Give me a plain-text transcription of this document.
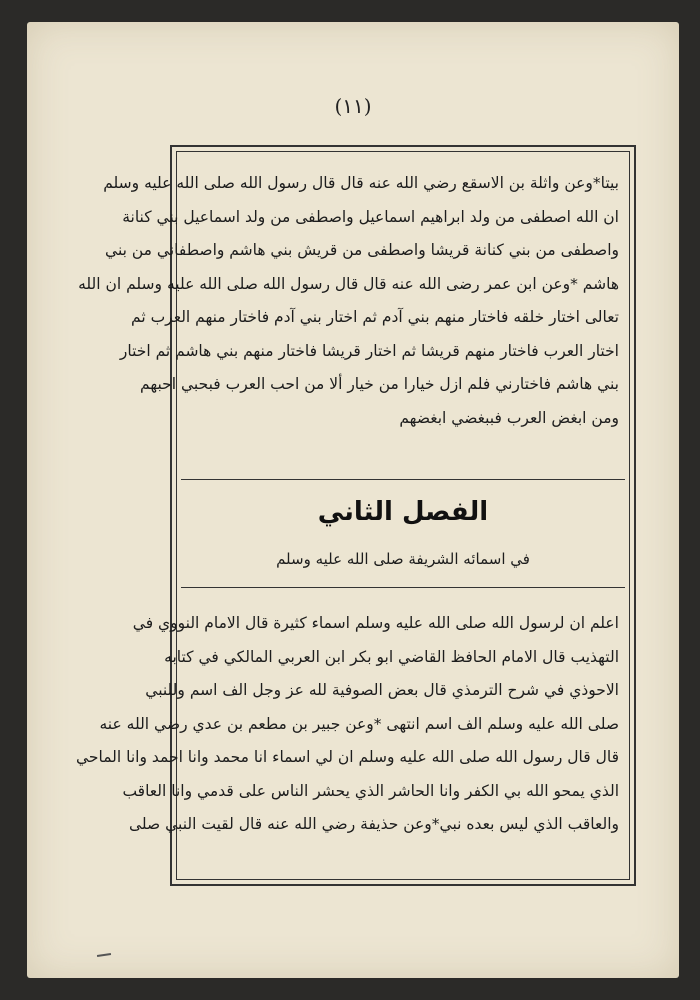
(١١)
بيتا*وعن واثلة بن الاسقع رضي الله عنه قال قال رسول الله صلى الله عليه وسلم
ان الله اصطفى من ولد ابراهيم اسماعيل واصطفى من ولد اسماعيل بني كنانة
واصطفى من بني كنانة قريشا واصطفى من قريش بني هاشم واصطفاني من بني
هاشم *وعن ابن عمر رضى الله عنه قال قال رسول الله صلى الله عليه وسلم ان الله
تعالى اختار خلقه فاختار منهم بني آدم ثم اختار بني آدم فاختار منهم العرب ثم
اختار العرب فاختار منهم قريشا ثم اختار قريشا فاختار منهم بني هاشم ثم اختار
بني هاشم فاختارني فلم ازل خيارا من خيار ألا من احب العرب فبحبي احبهم
ومن ابغض العرب فببغضي ابغضهم
الفصل الثاني
في اسمائه الشريفة صلى الله عليه وسلم
اعلم ان لرسول الله صلى الله عليه وسلم اسماء كثيرة قال الامام النووي في
التهذيب قال الامام الحافظ القاضي ابو بكر ابن العربي المالكي في كتابه
الاحوذي في شرح الترمذي قال بعض الصوفية لله عز وجل الف اسم وللنبي
صلى الله عليه وسلم الف اسم انتهى *وعن جبير بن مطعم بن عدي رضي الله عنه
قال قال رسول الله صلى الله عليه وسلم ان لي اسماء انا محمد وانا احمد وانا الماحي
الذي يمحو الله بي الكفر وانا الحاشر الذي يحشر الناس على قدمي وانا العاقب
والعاقب الذي ليس بعده نبي*وعن حذيفة رضي الله عنه قال لقيت النبي صلى
